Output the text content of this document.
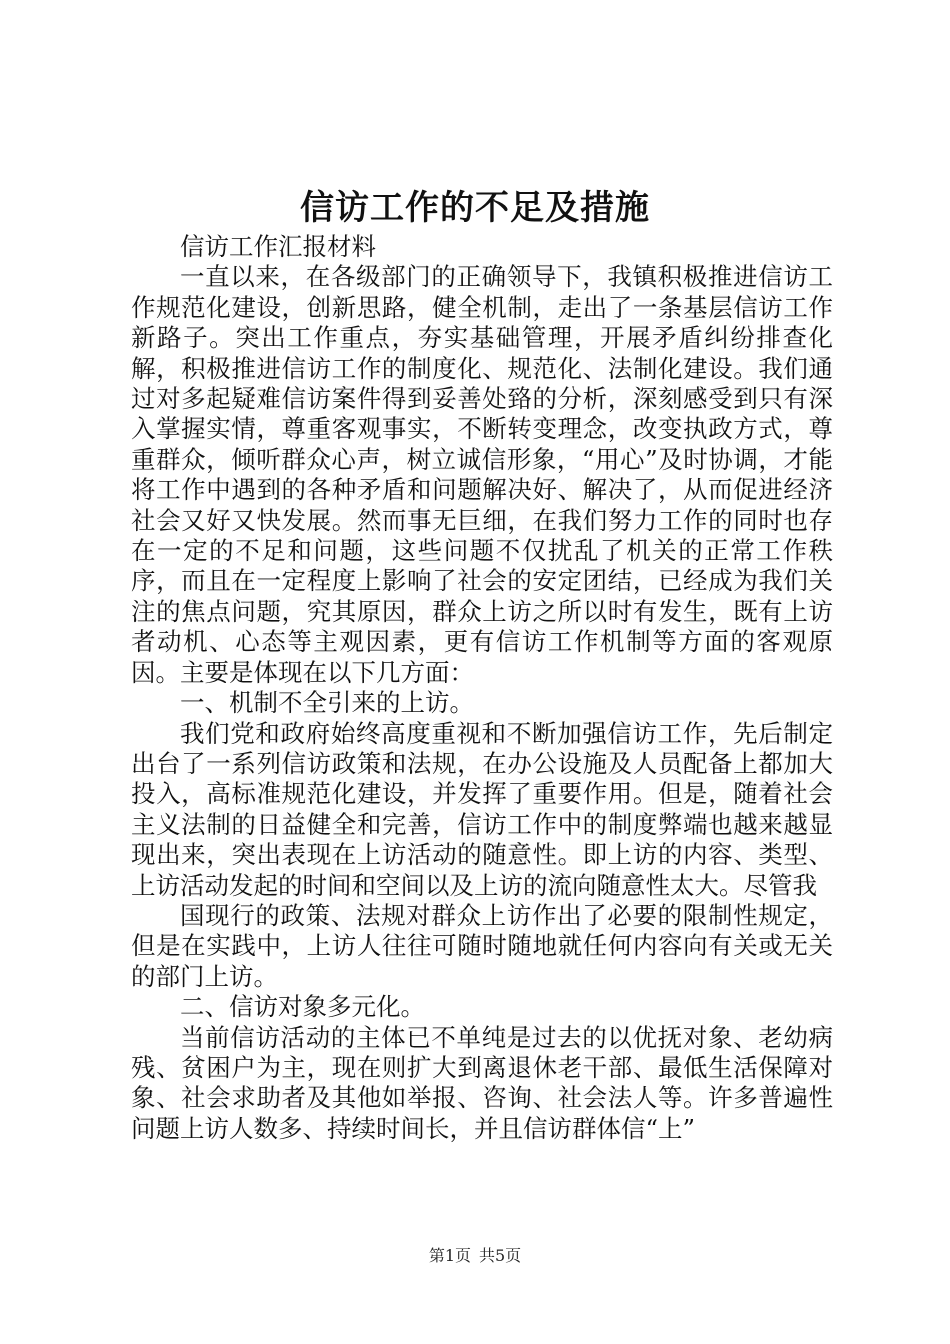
信访工作的不足及措施

信访工作汇报材料

一直以来，在各级部门的正确领导下，我镇积极推进信访工作规范化建设，创新思路，健全机制，走出了一条基层信访工作新路子。突出工作重点，夯实基础管理，开展矛盾纠纷排查化解，积极推进信访工作的制度化、规范化、法制化建设。我们通过对多起疑难信访案件得到妥善处臵的分析，深刻感受到只有深入掌握实情，尊重客观事实，不断转变理念，改变执政方式，尊重群众，倾听群众心声，树立诚信形象，“用心”及时协调，才能将工作中遇到的各种矛盾和问题解决好、解决了，从而促进经济社会又好又快发展。然而事无巨细，在我们努力工作的同时也存在一定的不足和问题，这些问题不仅扰乱了机关的正常工作秩序，而且在一定程度上影响了社会的安定团结，已经成为我们关注的焦点问题，究其原因，群众上访之所以时有发生，既有上访者动机、心态等主观因素，更有信访工作机制等方面的客观原因。主要是体现在以下几方面：

一、机制不全引来的上访。

我们党和政府始终高度重视和不断加强信访工作，先后制定出台了一系列信访政策和法规，在办公设施及人员配备上都加大投入，高标准规范化建设，并发挥了重要作用。但是，随着社会主义法制的日益健全和完善，信访工作中的制度弊端也越来越显现出来，突出表现在上访活动的随意性。即上访的内容、类型、上访活动发起的时间和空间以及上访的流向随意性太大。尽管我

国现行的政策、法规对群众上访作出了必要的限制性规定，但是在实践中，上访人往往可随时随地就任何内容向有关或无关的部门上访。

二、信访对象多元化。

当前信访活动的主体已不单纯是过去的以优抚对象、老幼病残、贫困户为主，现在则扩大到离退休老干部、最低生活保障对象、社会求助者及其他如举报、咨询、社会法人等。许多普遍性问题上访人数多、持续时间长，并且信访群体信“上”

第1页 共5页
